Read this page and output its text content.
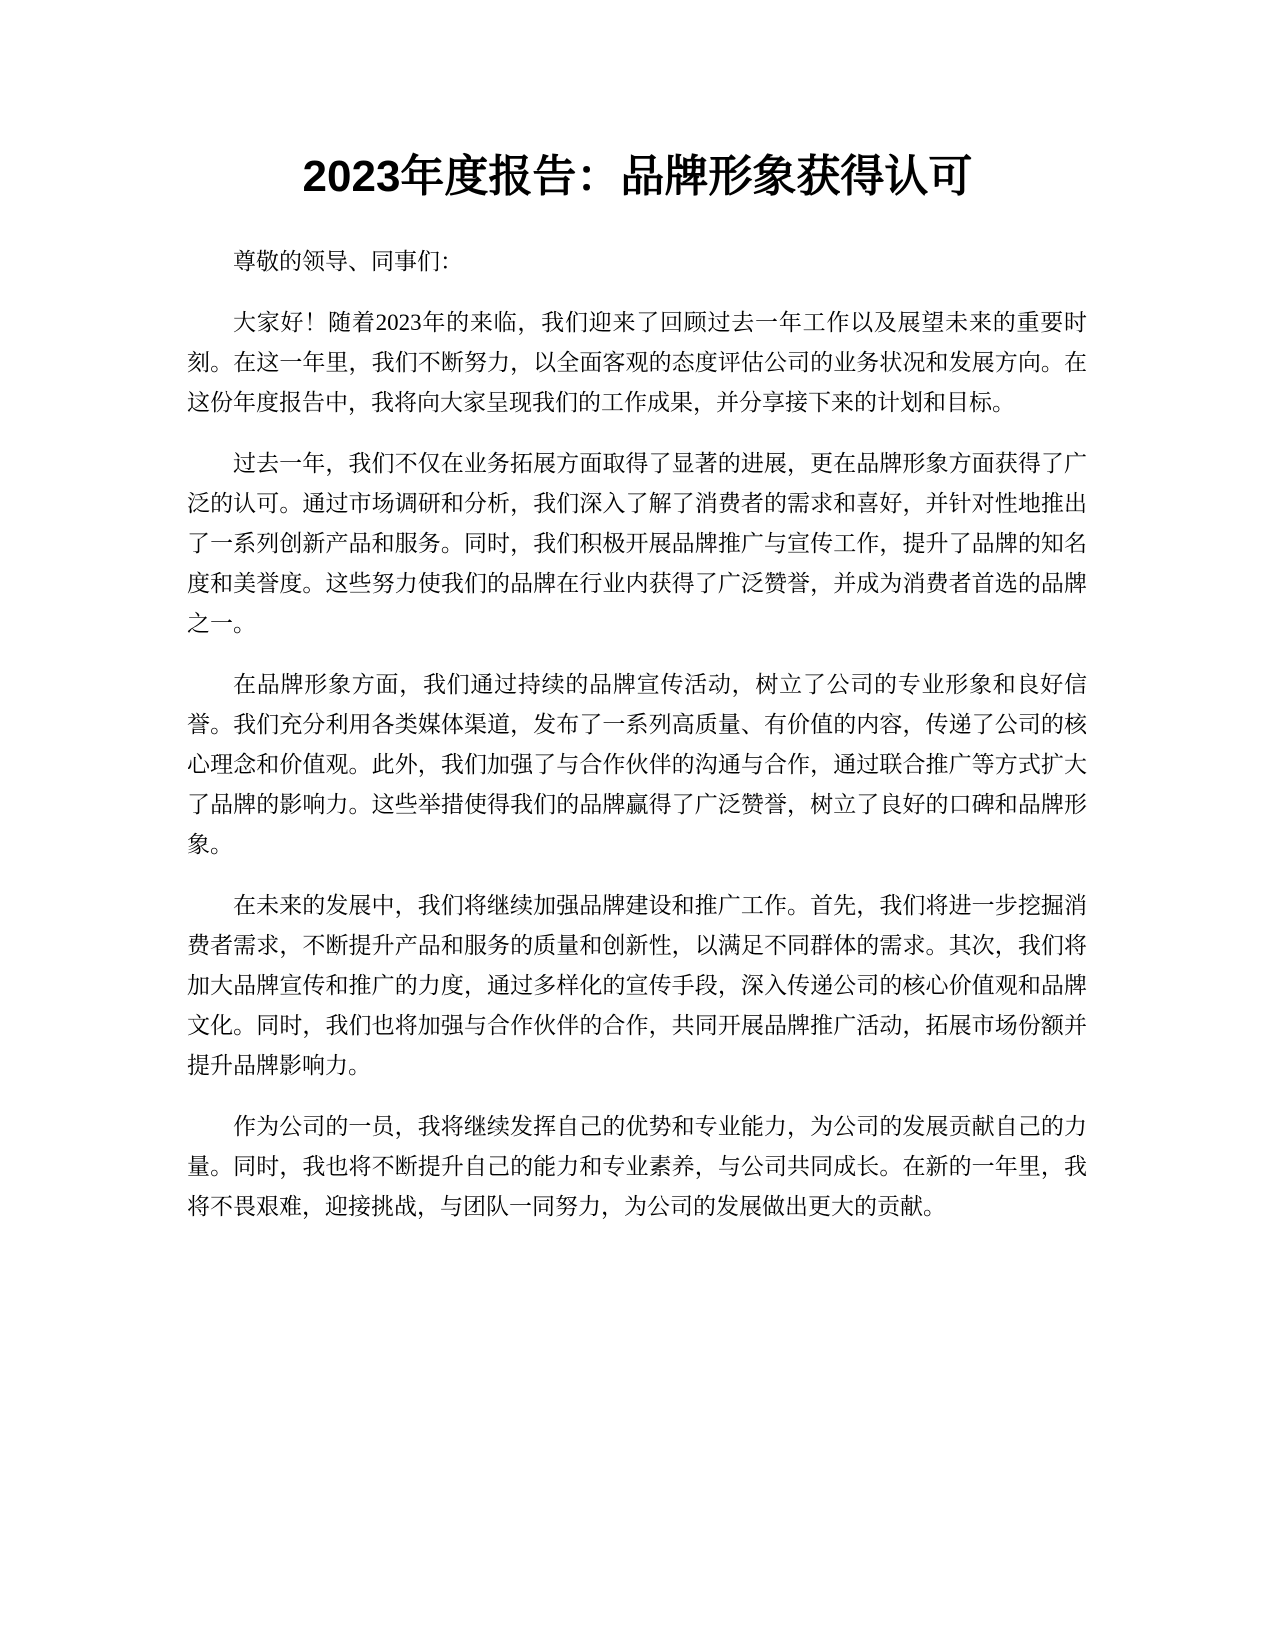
2023年度报告：品牌形象获得认可

尊敬的领导、同事们：

大家好！随着2023年的来临，我们迎来了回顾过去一年工作以及展望未来的重要时刻。在这一年里，我们不断努力，以全面客观的态度评估公司的业务状况和发展方向。在这份年度报告中，我将向大家呈现我们的工作成果，并分享接下来的计划和目标。

过去一年，我们不仅在业务拓展方面取得了显著的进展，更在品牌形象方面获得了广泛的认可。通过市场调研和分析，我们深入了解了消费者的需求和喜好，并针对性地推出了一系列创新产品和服务。同时，我们积极开展品牌推广与宣传工作，提升了品牌的知名度和美誉度。这些努力使我们的品牌在行业内获得了广泛赞誉，并成为消费者首选的品牌之一。

在品牌形象方面，我们通过持续的品牌宣传活动，树立了公司的专业形象和良好信誉。我们充分利用各类媒体渠道，发布了一系列高质量、有价值的内容，传递了公司的核心理念和价值观。此外，我们加强了与合作伙伴的沟通与合作，通过联合推广等方式扩大了品牌的影响力。这些举措使得我们的品牌赢得了广泛赞誉，树立了良好的口碑和品牌形象。

在未来的发展中，我们将继续加强品牌建设和推广工作。首先，我们将进一步挖掘消费者需求，不断提升产品和服务的质量和创新性，以满足不同群体的需求。其次，我们将加大品牌宣传和推广的力度，通过多样化的宣传手段，深入传递公司的核心价值观和品牌文化。同时，我们也将加强与合作伙伴的合作，共同开展品牌推广活动，拓展市场份额并提升品牌影响力。

作为公司的一员，我将继续发挥自己的优势和专业能力，为公司的发展贡献自己的力量。同时，我也将不断提升自己的能力和专业素养，与公司共同成长。在新的一年里，我将不畏艰难，迎接挑战，与团队一同努力，为公司的发展做出更大的贡献。
